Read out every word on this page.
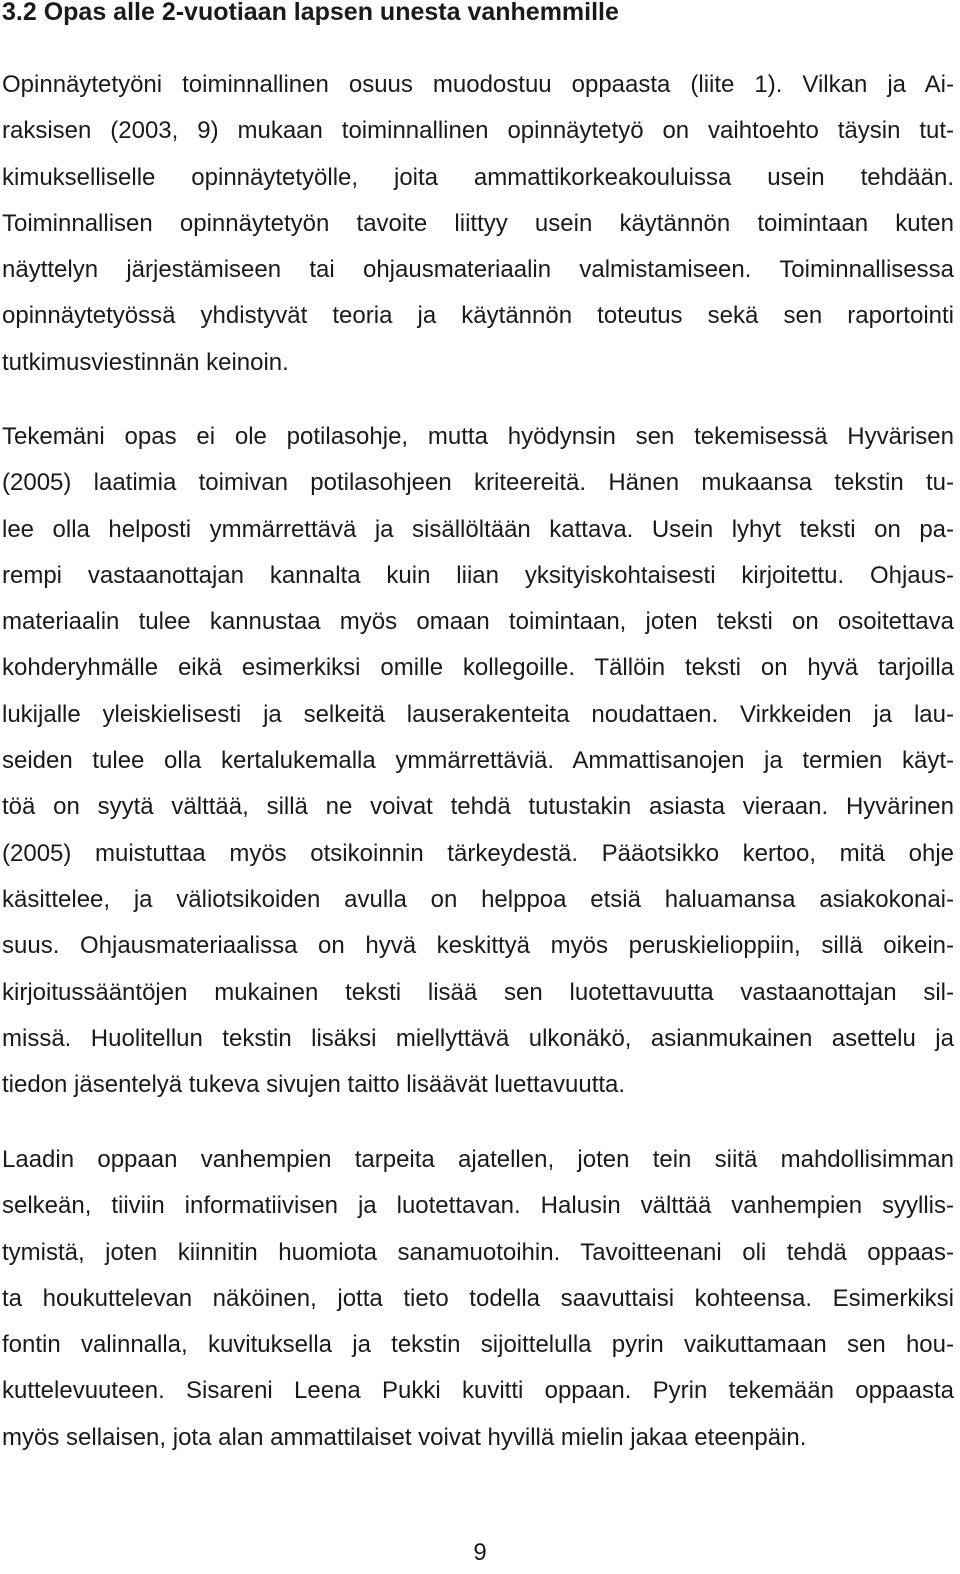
3.2 Opas alle 2-vuotiaan lapsen unesta vanhemmille
Opinnäytetyöni toiminnallinen osuus muodostuu oppaasta (liite 1). Vilkan ja Ai-
raksisen (2003, 9) mukaan toiminnallinen opinnäytetyö on vaihtoehto täysin tut-
kimukselliselle opinnäytetyölle, joita ammattikorkeakouluissa usein tehdään.
Toiminnallisen opinnäytetyön tavoite liittyy usein käytännön toimintaan kuten
näyttelyn järjestämiseen tai ohjausmateriaalin valmistamiseen. Toiminnallisessa
opinnäytetyössä yhdistyvät teoria ja käytännön toteutus sekä sen raportointi
tutkimusviestinnän keinoin.
Tekemäni opas ei ole potilasohje, mutta hyödynsin sen tekemisessä Hyvärisen
(2005) laatimia toimivan potilasohjeen kriteereitä. Hänen mukaansa tekstin tu-
lee olla helposti ymmärrettävä ja sisällöltään kattava. Usein lyhyt teksti on pa-
rempi vastaanottajan kannalta kuin liian yksityiskohtaisesti kirjoitettu. Ohjaus-
materiaalin tulee kannustaa myös omaan toimintaan, joten teksti on osoitettava
kohderyhmälle eikä esimerkiksi omille kollegoille. Tällöin teksti on hyvä tarjoilla
lukijalle yleiskielisesti ja selkeitä lauserakenteita noudattaen. Virkkeiden ja lau-
seiden tulee olla kertalukemalla ymmärrettäviä. Ammattisanojen ja termien käyt-
töä on syytä välttää, sillä ne voivat tehdä tutustakin asiasta vieraan. Hyvärinen
(2005) muistuttaa myös otsikoinnin tärkeydestä. Pääotsikko kertoo, mitä ohje
käsittelee, ja väliotsikoiden avulla on helppoa etsiä haluamansa asiakokonai-
suus. Ohjausmateriaalissa on hyvä keskittyä myös peruskielioppiin, sillä oikein-
kirjoitussääntöjen mukainen teksti lisää sen luotettavuutta vastaanottajan sil-
missä. Huolitellun tekstin lisäksi miellyttävä ulkonäkö, asianmukainen asettelu ja
tiedon jäsentelyä tukeva sivujen taitto lisäävät luettavuutta.
Laadin oppaan vanhempien tarpeita ajatellen, joten tein siitä mahdollisimman
selkeän, tiiviin informatiivisen ja luotettavan. Halusin välttää vanhempien syyllis-
tymistä, joten kiinnitin huomiota sanamuotoihin. Tavoitteenani oli tehdä oppaas-
ta houkuttelevan näköinen, jotta tieto todella saavuttaisi kohteensa. Esimerkiksi
fontin valinnalla, kuvituksella ja tekstin sijoittelulla pyrin vaikuttamaan sen hou-
kuttelevuuteen. Sisareni Leena Pukki kuvitti oppaan. Pyrin tekemään oppaasta
myös sellaisen, jota alan ammattilaiset voivat hyvillä mielin jakaa eteenpäin.
9
